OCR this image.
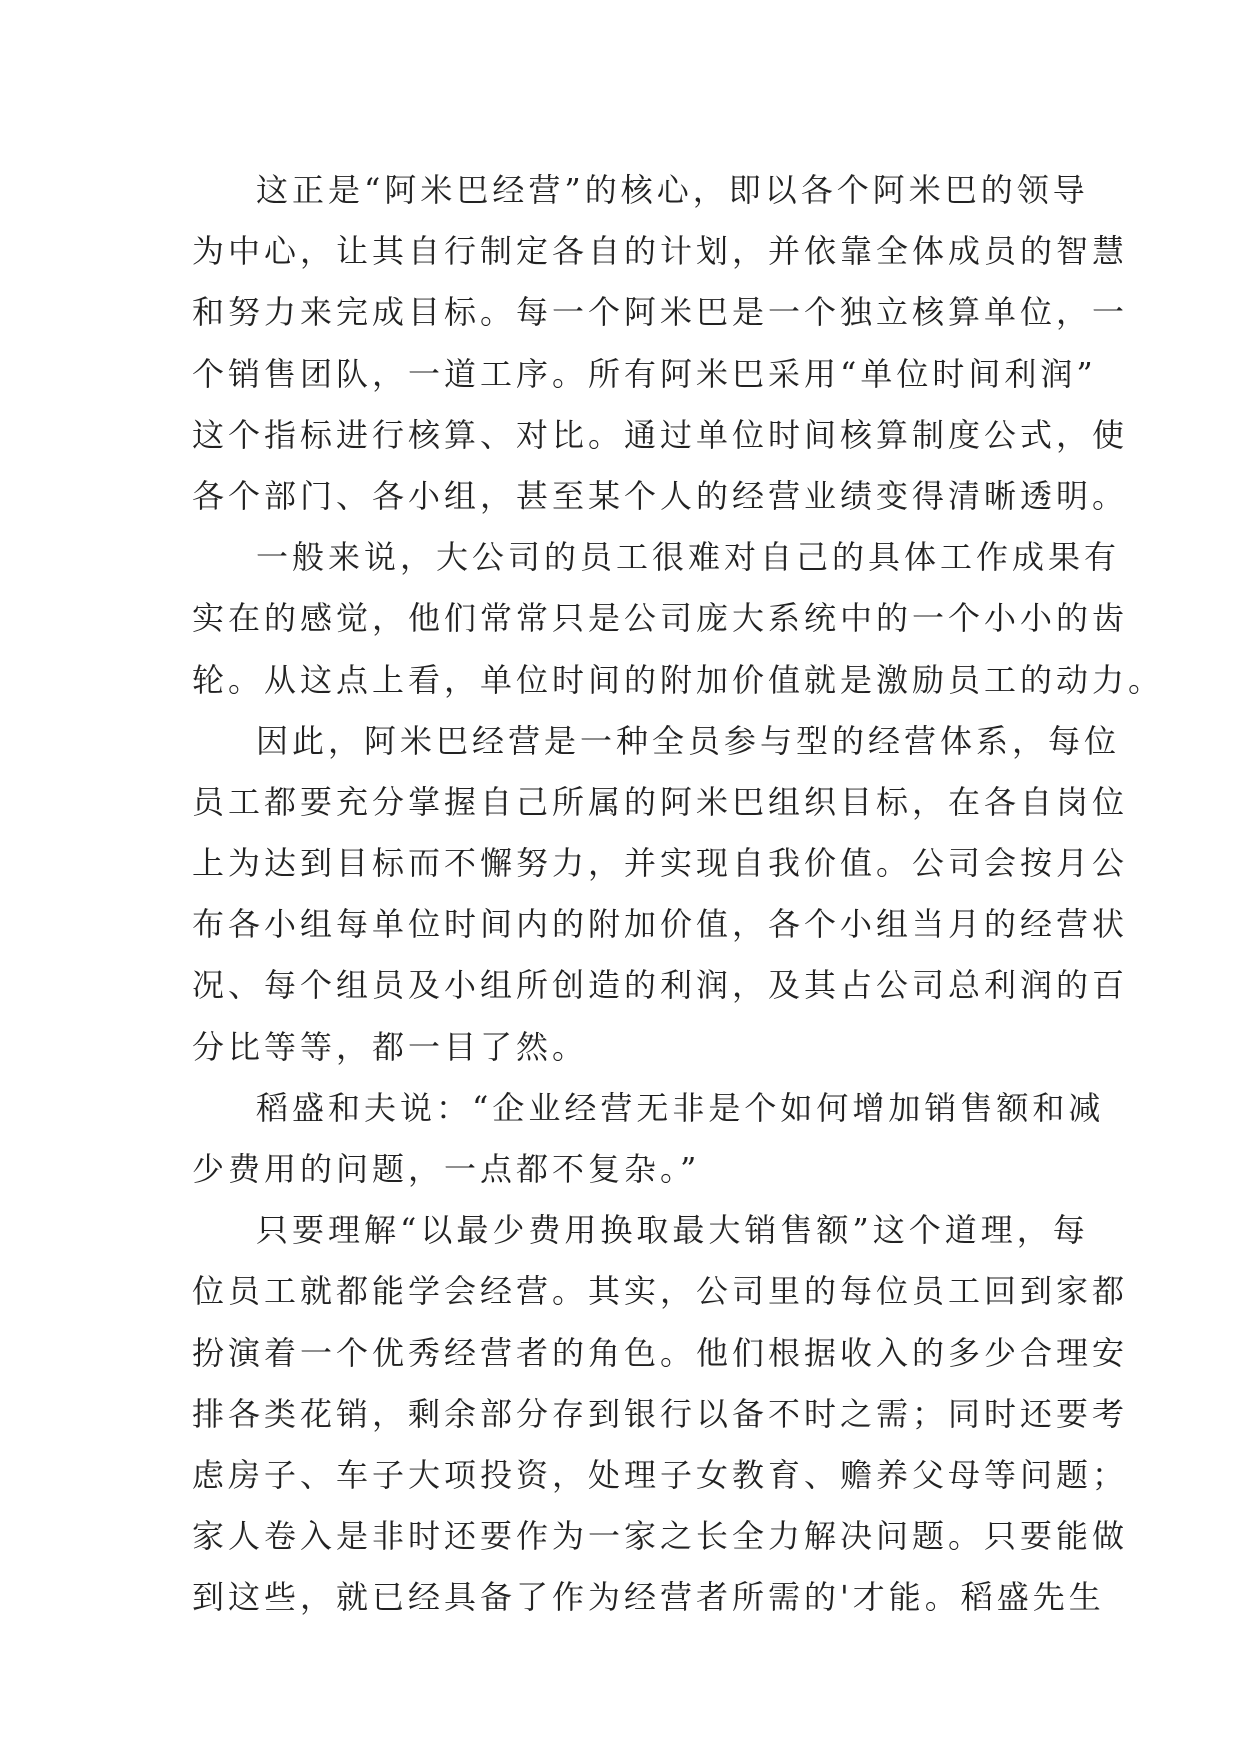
这正是“阿米巴经营”的核心，即以各个阿米巴的领导
为中心，让其自行制定各自的计划，并依靠全体成员的智慧
和努力来完成目标。每一个阿米巴是一个独立核算单位，一
个销售团队，一道工序。所有阿米巴采用“单位时间利润”
这个指标进行核算、对比。通过单位时间核算制度公式，使
各个部门、各小组，甚至某个人的经营业绩变得清晰透明。
一般来说，大公司的员工很难对自己的具体工作成果有
实在的感觉，他们常常只是公司庞大系统中的一个小小的齿
轮。从这点上看，单位时间的附加价值就是激励员工的动力。
因此，阿米巴经营是一种全员参与型的经营体系，每位
员工都要充分掌握自己所属的阿米巴组织目标，在各自岗位
上为达到目标而不懈努力，并实现自我价值。公司会按月公
布各小组每单位时间内的附加价值，各个小组当月的经营状
况、每个组员及小组所创造的利润，及其占公司总利润的百
分比等等，都一目了然。
稻盛和夫说：“企业经营无非是个如何增加销售额和减
少费用的问题，一点都不复杂。”
只要理解“以最少费用换取最大销售额”这个道理，每
位员工就都能学会经营。其实，公司里的每位员工回到家都
扮演着一个优秀经营者的角色。他们根据收入的多少合理安
排各类花销，剩余部分存到银行以备不时之需；同时还要考
虑房子、车子大项投资，处理子女教育、赡养父母等问题；
家人卷入是非时还要作为一家之长全力解决问题。只要能做
到这些，就已经具备了作为经营者所需的'才能。稻盛先生
